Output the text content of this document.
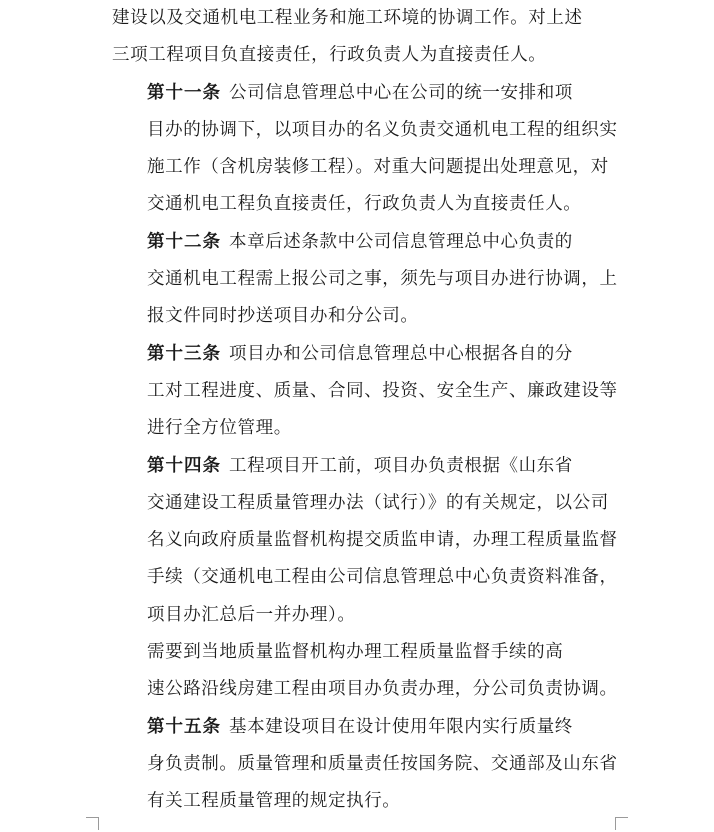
建设以及交通机电工程业务和施工环境的协调工作。对上述
三项工程项目负直接责任，行政负责人为直接责任人。

第十一条 公司信息管理总中心在公司的统一安排和项
目办的协调下，以项目办的名义负责交通机电工程的组织实
施工作（含机房装修工程）。对重大问题提出处理意见，对
交通机电工程负直接责任，行政负责人为直接责任人。

第十二条 本章后述条款中公司信息管理总中心负责的
交通机电工程需上报公司之事，须先与项目办进行协调，上
报文件同时抄送项目办和分公司。

第十三条 项目办和公司信息管理总中心根据各自的分
工对工程进度、质量、合同、投资、安全生产、廉政建设等
进行全方位管理。

第十四条 工程项目开工前，项目办负责根据《山东省
交通建设工程质量管理办法（试行）》的有关规定，以公司
名义向政府质量监督机构提交质监申请，办理工程质量监督
手续（交通机电工程由公司信息管理总中心负责资料准备，
项目办汇总后一并办理）。

需要到当地质量监督机构办理工程质量监督手续的高
速公路沿线房建工程由项目办负责办理，分公司负责协调。

第十五条 基本建设项目在设计使用年限内实行质量终
身负责制。质量管理和质量责任按国务院、交通部及山东省
有关工程质量管理的规定执行。
